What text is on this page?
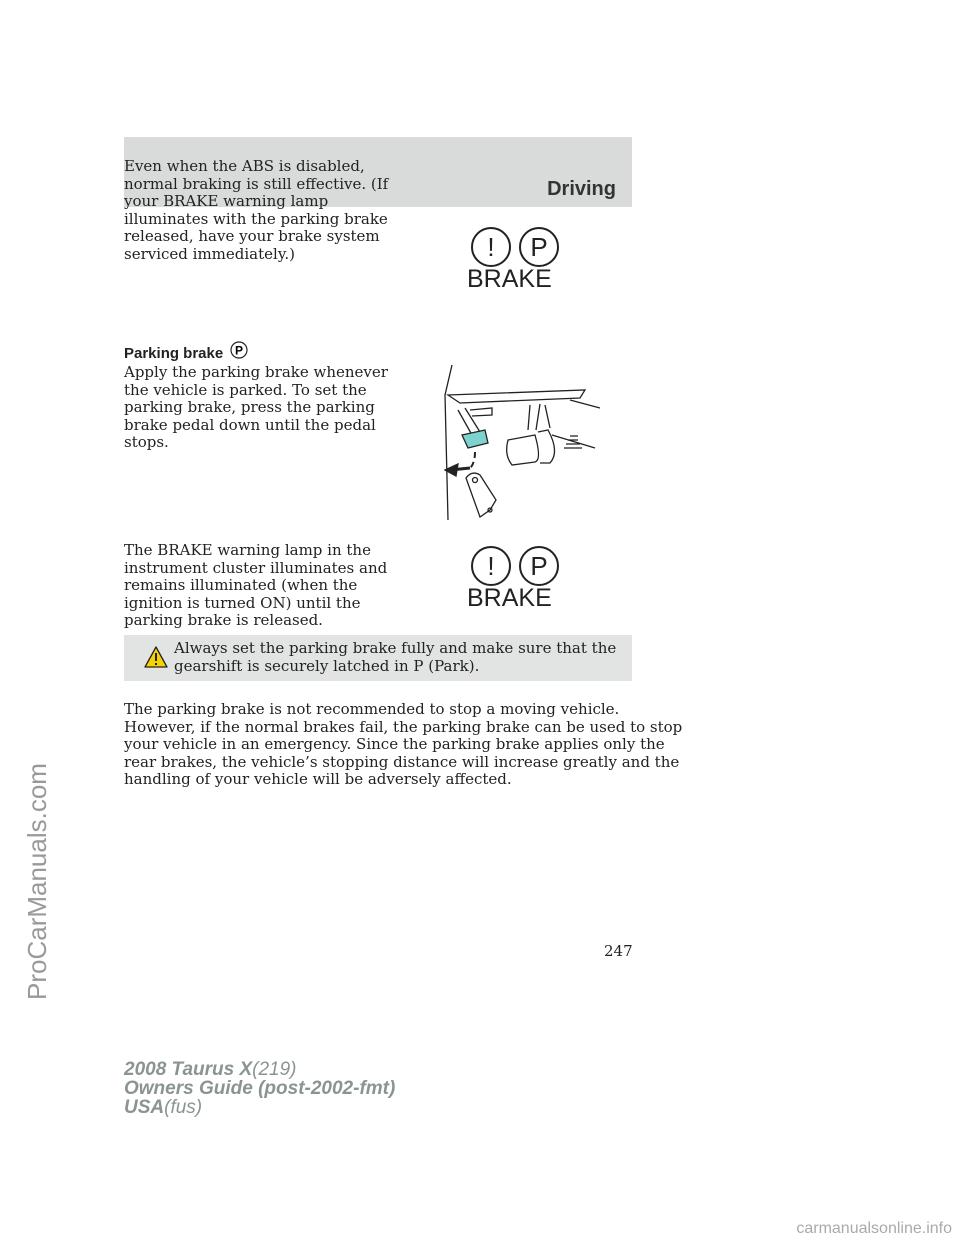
Driving
Even when the ABS is disabled,
normal braking is still effective. (If
your BRAKE warning lamp
illuminates with the parking brake
released, have your brake system
serviced immediately.)	!	P
BRAKE
Parking brake P
Apply the parking brake whenever
the vehicle is parked. To set the
parking brake, press the parking
brake pedal down until the pedal
stops.
The BRAKE warning lamp in the
instrument cluster illuminates and
remains illuminated (when the
ignition is turned ON) until the
parking brake is released.
!	P
BRAKE
Always set the parking brake fully and make sure that the
gearshift is securely latched in P (Park).
The parking brake is not recommended to stop a moving vehicle.
However, if the normal brakes fail, the parking brake can be used to stop
your vehicle in an emergency. Since the parking brake applies only the
rear brakes, the vehicle’s stopping distance will increase greatly and the
handling of your vehicle will be adversely affected.
247
2008 Taurus X(219)
Owners Guide (post-2002-fmt)
USA(fus)
ProCarManuals.com
carmanualsonline.info
